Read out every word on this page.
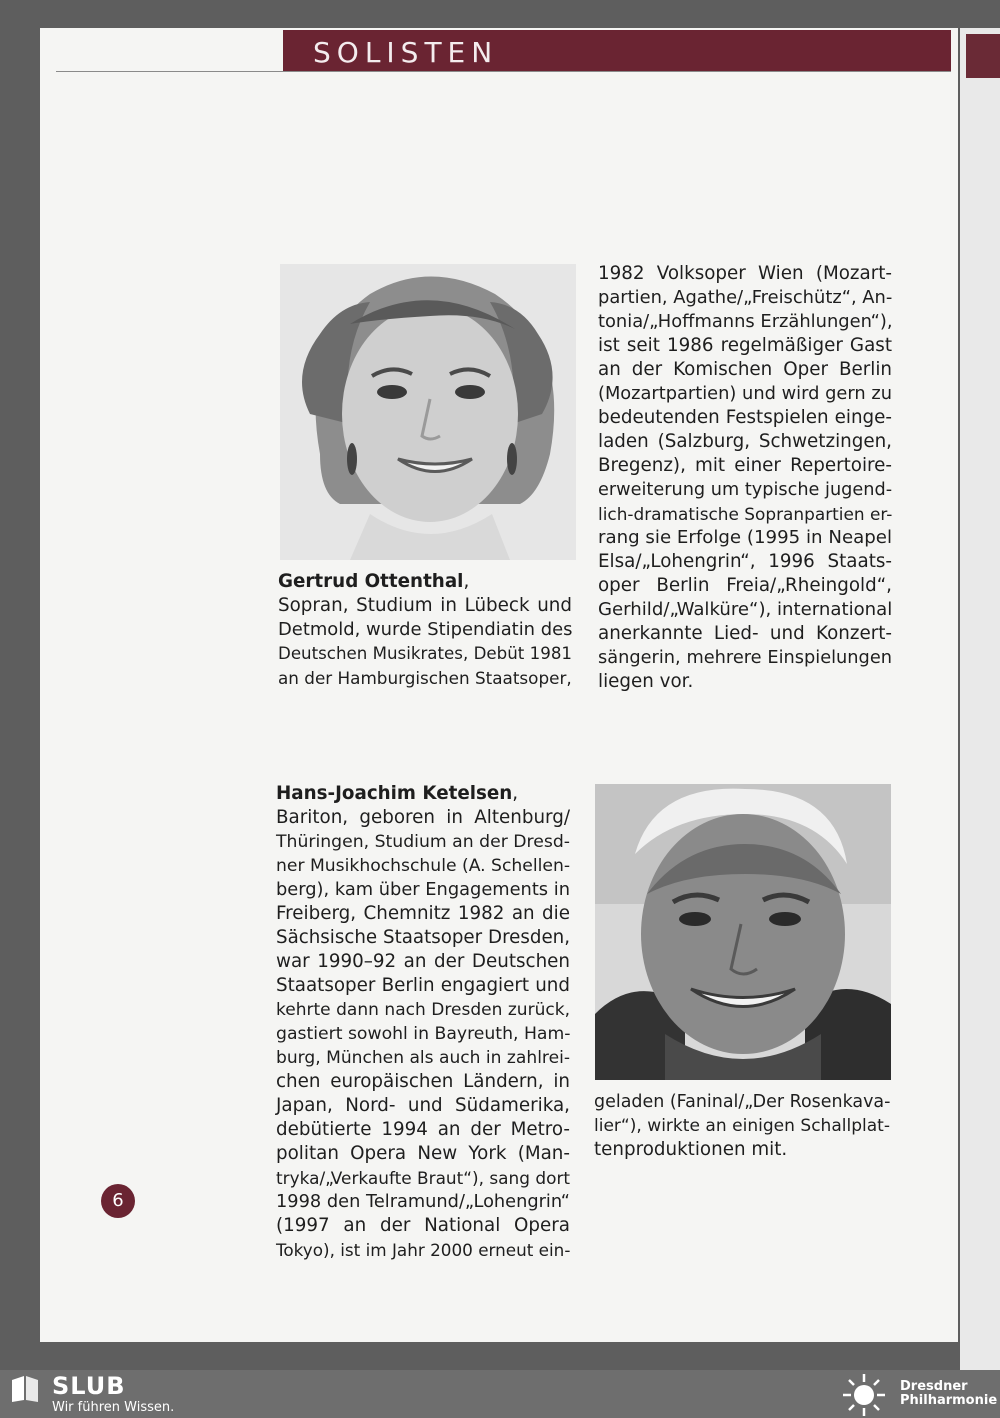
SOLISTEN
Gertrud Ottenthal,
Sopran, Studium in Lübeck und
Detmold, wurde Stipendiatin des
Deutschen Musikrates, Debüt 1981
an der Hamburgischen Staatsoper,
1982 Volksoper Wien (Mozart-
partien, Agathe/„Freischütz“, An-
tonia/„Hoffmanns Erzählungen“),
ist seit 1986 regelmäßiger Gast
an der Komischen Oper Berlin
(Mozartpartien) und wird gern zu
bedeutenden Festspielen einge-
laden (Salzburg, Schwetzingen,
Bregenz), mit einer Repertoire-
erweiterung um typische jugend-
lich-dramatische Sopranpartien er-
rang sie Erfolge (1995 in Neapel
Elsa/„Lohengrin“, 1996 Staats-
oper Berlin Freia/„Rheingold“,
Gerhild/„Walküre“), international
anerkannte Lied- und Konzert-
sängerin, mehrere Einspielungen
liegen vor.
Hans-Joachim Ketelsen,
Bariton, geboren in Altenburg/
Thüringen, Studium an der Dresd-
ner Musikhochschule (A. Schellen-
berg), kam über Engagements in
Freiberg, Chemnitz 1982 an die
Sächsische Staatsoper Dresden,
war 1990–92 an der Deutschen
Staatsoper Berlin engagiert und
kehrte dann nach Dresden zurück,
gastiert sowohl in Bayreuth, Ham-
burg, München als auch in zahlrei-
chen europäischen Ländern, in
Japan, Nord- und Südamerika,
debütierte 1994 an der Metro-
politan Opera New York (Man-
tryka/„Verkaufte Braut“), sang dort
1998 den Telramund/„Lohengrin“
(1997 an der National Opera
Tokyo), ist im Jahr 2000 erneut ein-
geladen (Faninal/„Der Rosenkava-
lier“), wirkte an einigen Schallplat-
tenproduktionen mit.
6
SLUB
Wir führen Wissen.
Dresdner
Philharmonie
